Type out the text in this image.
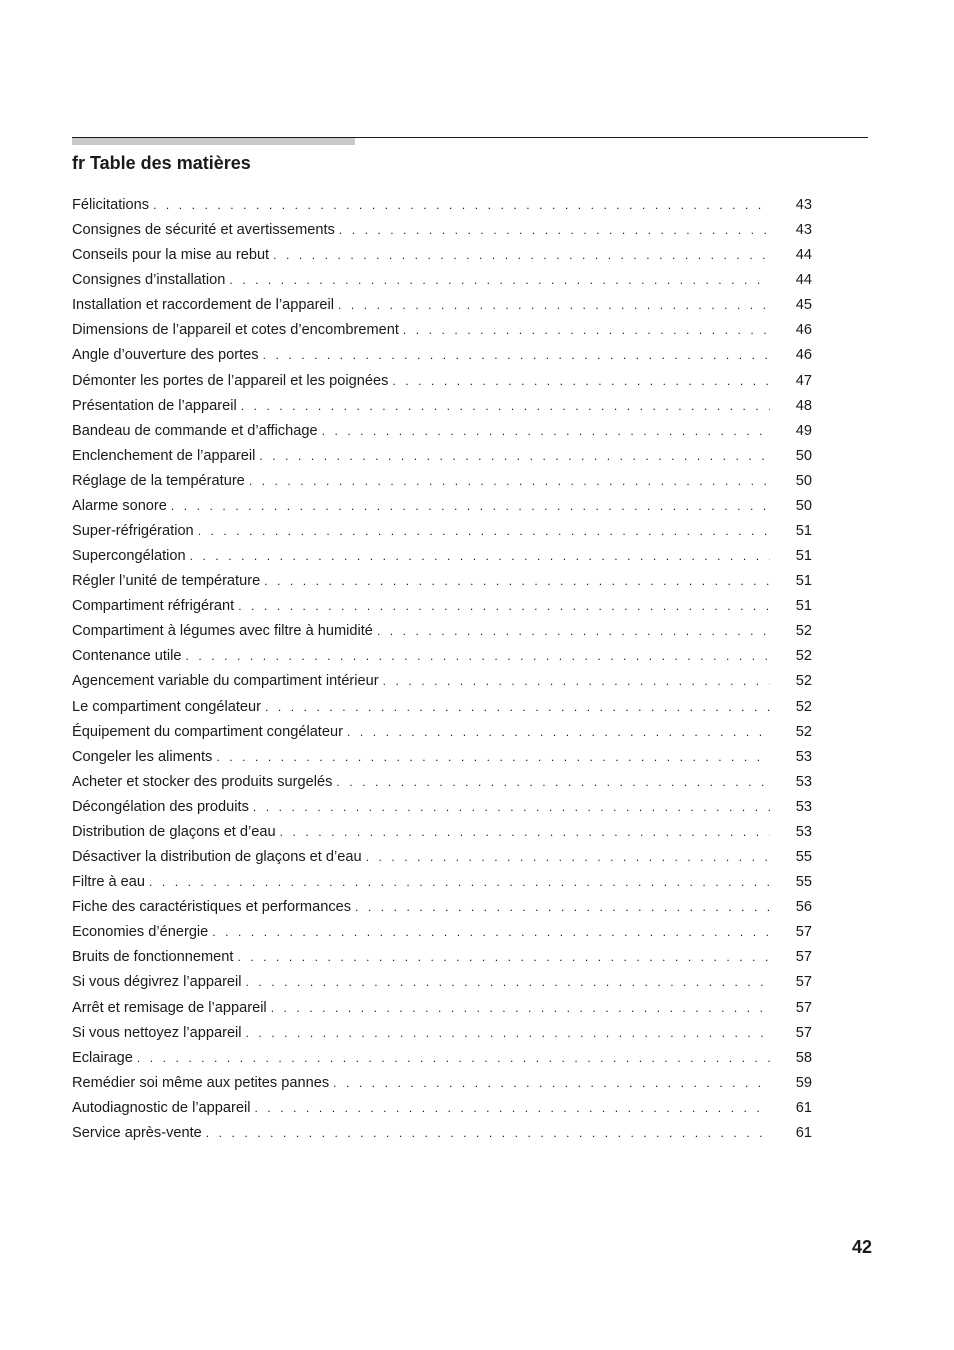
fr Table des matières
Félicitations . . .	43
Consignes de sécurité et avertissements . . .	43
Conseils pour la mise au rebut . . .	44
Consignes d’installation . . .	44
Installation et raccordement de l’appareil . . .	45
Dimensions de l’appareil et cotes d’encombrement . . .	46
Angle d’ouverture des portes . . .	46
Démonter les portes de l’appareil et les poignées . . .	47
Présentation de l’appareil . . .	48
Bandeau de commande et d’affichage . . .	49
Enclenchement de l’appareil . . .	50
Réglage de la température . . .	50
Alarme sonore . . .	50
Super-réfrigération . . .	51
Supercongélation . . .	51
Régler l’unité de température . . .	51
Compartiment réfrigérant . . .	51
Compartiment à légumes avec filtre à humidité . . .	52
Contenance utile . . .	52
Agencement variable du compartiment intérieur . . .	52
Le compartiment congélateur . . .	52
Équipement du compartiment congélateur . . .	52
Congeler les aliments . . .	53
Acheter et stocker des produits surgelés . . .	53
Décongélation des produits . . .	53
Distribution de glaçons et d’eau . . .	53
Désactiver la distribution de glaçons et d’eau . . .	55
Filtre à eau . . .	55
Fiche des caractéristiques et performances . . .	56
Economies d’énergie . . .	57
Bruits de fonctionnement . . .	57
Si vous dégivrez l’appareil . . .	57
Arrêt et remisage de l’appareil . . .	57
Si vous nettoyez l’appareil . . .	57
Eclairage . . .	58
Remédier soi même aux petites pannes . . .	59
Autodiagnostic de l’appareil . . .	61
Service après-vente . . .	61
42
